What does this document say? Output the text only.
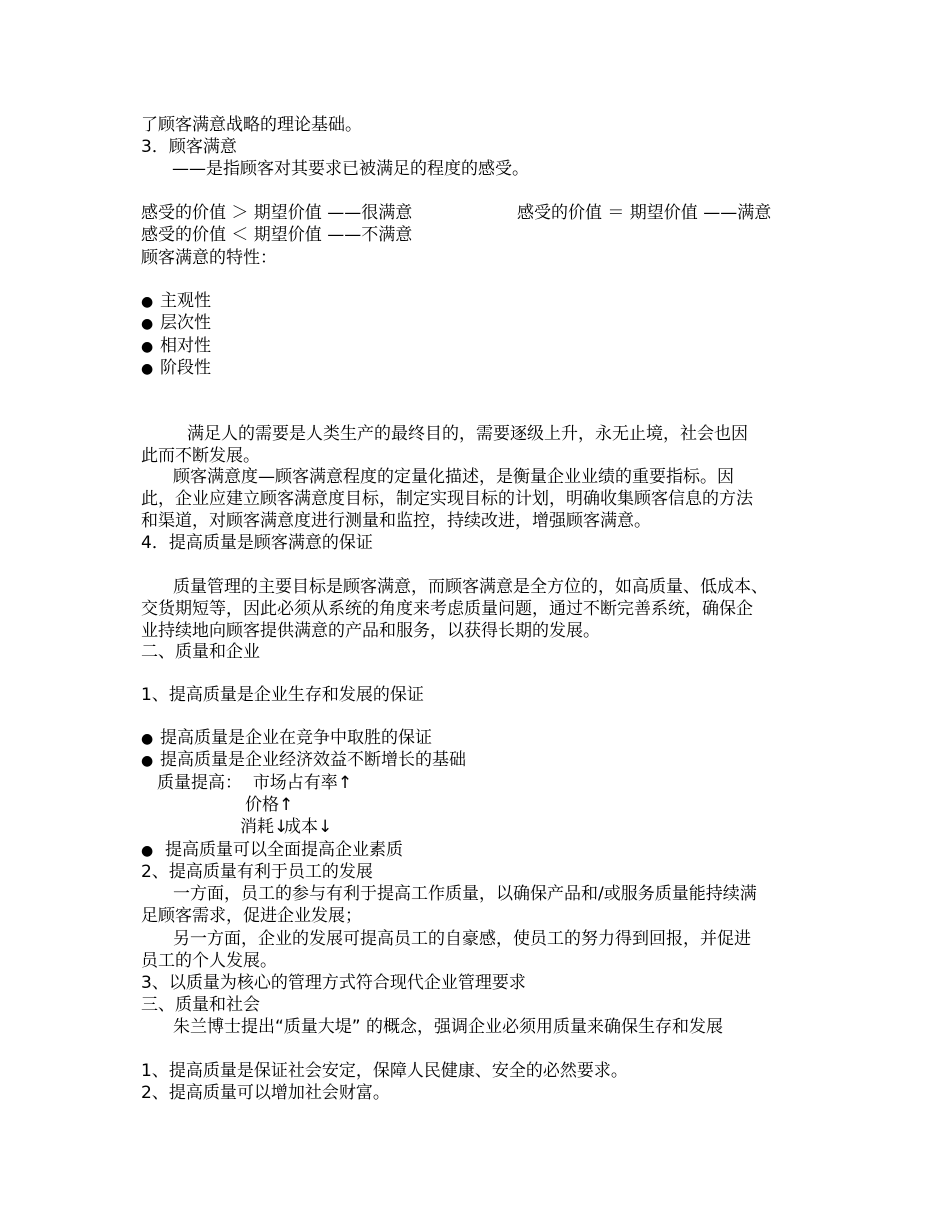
了顾客满意战略的理论基础。
3．顾客满意
——是指顾客对其要求已被满足的程度的感受。
感受的价值 ＞ 期望价值 ——很满意	感受的价值 ＝ 期望价值 ——满意
感受的价值 ＜ 期望价值 ——不满意
顾客满意的特性：
●主观性
●层次性
●相对性
●阶段性
满足人的需要是人类生产的最终目的，需要逐级上升，永无止境，社会也因
此而不断发展。
顾客满意度—顾客满意程度的定量化描述，是衡量企业业绩的重要指标。因
此，企业应建立顾客满意度目标，制定实现目标的计划，明确收集顾客信息的方法
和渠道，对顾客满意度进行测量和监控，持续改进，增强顾客满意。
4．提高质量是顾客满意的保证
质量管理的主要目标是顾客满意，而顾客满意是全方位的，如高质量、低成本、
交货期短等，因此必须从系统的角度来考虑质量问题，通过不断完善系统，确保企
业持续地向顾客提供满意的产品和服务，以获得长期的发展。
二、质量和企业
1、提高质量是企业生存和发展的保证
●提高质量是企业在竞争中取胜的保证
●提高质量是企业经济效益不断增长的基础
质量提高： 市场占有率↑
价格↑
消耗↓成本↓
●提高质量可以全面提高企业素质
2、提高质量有利于员工的发展
一方面，员工的参与有利于提高工作质量，以确保产品和/或服务质量能持续满
足顾客需求，促进企业发展；
另一方面，企业的发展可提高员工的自豪感，使员工的努力得到回报，并促进
员工的个人发展。
3、以质量为核心的管理方式符合现代企业管理要求
三、质量和社会
朱兰博士提出“质量大堤” 的概念，强调企业必须用质量来确保生存和发展
1、提高质量是保证社会安定，保障人民健康、安全的必然要求。
2、提高质量可以增加社会财富。
